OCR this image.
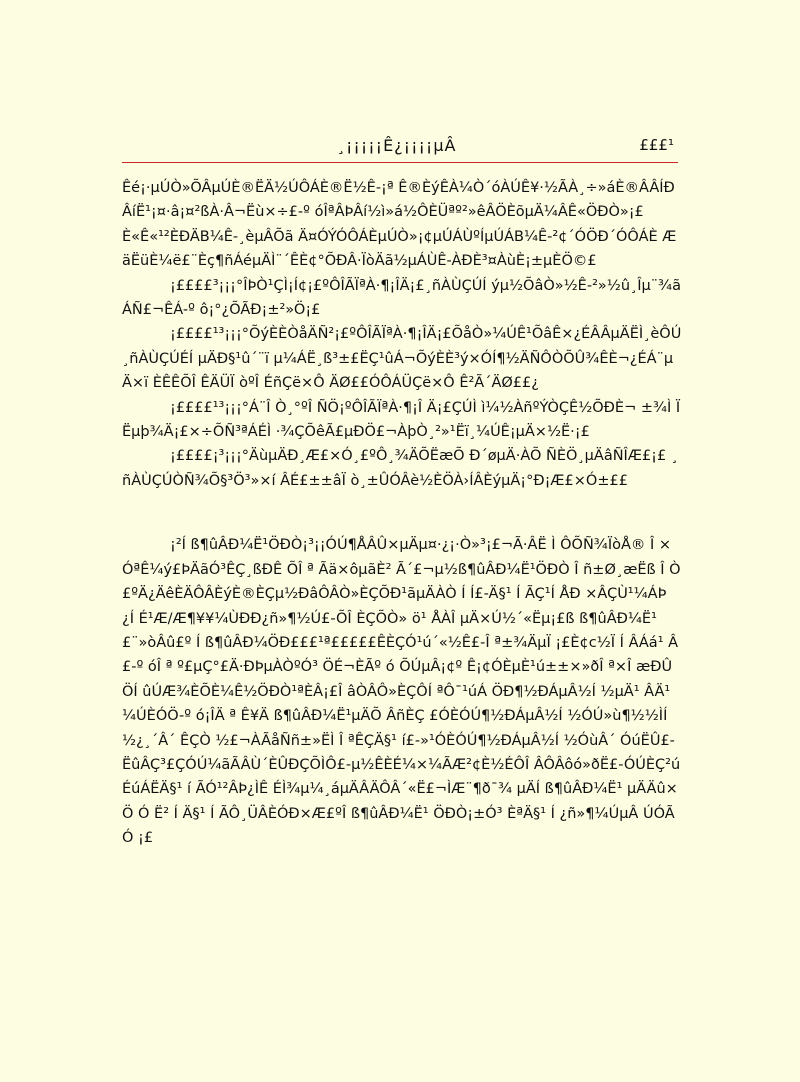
¸¡¡¡¡¡Ê¿¡¡¡¡µÂ	£££¹

Êé¡·µÚÒ»ÕÂµÚÈ®ËÄ½ÚÔÁÈ®Ë½Ê-¡ª Ê®ÈýÊÀ¼Ò´óÀÚÊ¥·½ÃÀ¸÷»áÈ®ÂÂÍÐ ÂíË¹¡¤·â¡¤²ßÀ·Â¬Ëù×÷£-º óÎªÂÞÂí½ì»á½ÔÈÜªº²»êÂÖÈõµÄ¼ÂÊ«ÖÐÒ»¡£ È«Ê«¹²ÈÐÄB¼Ê-¸èµÂÕã Ä¤ÓÝÓÔÁÈµÚÒ»¡¢µÚÁÙºÍµÚÁB¼Ê-²¢´ÓÖÐ´ÓÔÁÈ ÆäËüÈ¼ë£¨Èç¶ñÁéµÄÌ¨´ÊÈ¢°ÕÐÂ·ÏòÄã½µÁÙÊ-ÀÐÈ³¤ÀùÈ¡±µÈÖ©£

¡££££³¡¡¡°ÎÞÒ¹ÇÌ¡Í¢¡£ºÔÎÃÏªÀ·¶¡ÎÄ¡£¸ñÀÙÇÚÍ ýµ½ÕâÒ»½Ê-²»½û¸Îµ¨¾ãÁÑ£¬ÊÁ-º ô¡°¿ÕÃÐ¡±²»Ö¡£

¡££££¹³¡¡¡°ÕýÈÈÒåÄÑ²¡£ºÔÎÃÏªÀ·¶¡ÎÄ¡£ÕåÒ»¼ÚÊ¹ÕâÊ×¿ÉÂÂµÄËÌ¸èÔÚ¸ñÀÙÇÚÉÍ µÄÐ§¹û´¨ï µ¼ÁË¸ß³±£ËÇ¹ûÁ¬ÕýÈÈ³ý×ÓÍ¶½ÄÑÔÒÕÛ¾ÊÈ¬¿ÉÁ¨µÄ×ï ÈÊÊÕÎ ÊÄÜÏ òºÎ ÉñÇë×Ô ÄØ££ÓÔÁÜÇë×Ô Ê²Ã´ÄØ££¿

¡££££¹³¡¡¡°Á¨Î Ò¸°ºÎ ÑÖ¡ºÔÎÃÏªÀ·¶¡Î Ä¡£ÇÚÌ ì¼½ÀñºÝÒÇÊ½ÕÐÈ¬ ±¾Ì Ï Ëµþ¾Ä¡£×÷ÕÑ³ªÁÉÌ ·¾ÇÕêÃ£µÐÖ£¬ÀþÒ¸²»¹Ëï¸¼ÚÊ¡µÄ×½Ë·¡£

¡££££¡³¡¡¡°ÄùµÄÐ¸Æ£×Ó¸£ºÔ¸¾ÄÕËæÕ Ð´øµÄ·ÀÕ ÑÈÖ¸µÄâÑÎÆ£¡£ ¸ñÀÙÇÚÒÑ¾Õ§³Ö³»×í ÂÉ£±±âÏ ò¸±ÛÓÂè½ÈÖÀ›ÍÂÈýµÄ¡°Ð¡Æ£×Ó±££

¡²Í ß¶ûÂÐ¼Ë¹ÖÐÒ¡³¡¡ÓÚ¶ÅÂÛ×µÄµ¤·¿¡·Ò»³¡£¬Ã·ÂË Ì ÔÕÑ¾ÏòÅ® Î ×ÓªÊ¼ý£ÞÄãÓ³ÊÇ¸ßÐÊ ÕÎ ª Ãä×ôµãÈ² Ã´£¬µ½ß¶ûÂÐ¼Ë¹ÖÐÒ Î ñ±Ø¸æËß Î Ò£ºÄ¿ÄêÈÄÔÂÈýÈ®ÈÇµ½ÐâÔÂÒ»ÈÇÕÐ¹ãµÄÀÒ Í Í£-Ä§¹ Í ÃÇ¹Í ÅÐ ×ÂÇÙ¹¼ÁÞ ¿Í É¹Æ/Æ¶¥¥¼ÙÐÐ¿ñ»¶½Ú£-ÕÎ ÈÇÕÒ» ö¹ ÅÀÎ µÄ×Ú½´«Ëµ¡£ß ß¶ûÂÐ¼Ë¹£¨»òÂû£º Í ß¶ûÂÐ¼ÖÐ£££¹ª£££££ÊÈÇÓ¹ú´«½Ê£-Î ª±¾ÄµÏ ¡£È¢c½Ï Í ÂÁá¹ Â£-º óÎ ª º£µÇ°£Ä·ÐÞµÀÒºÓ³ ÖÉ¬ÈÃº ó ÕÚµÂ¡¢º Ê¡¢ÓÈµÈ¹ú±±×»ðÎ ª×Î æÐÛÖÍ ûÚÆ¾ÈÕÈ¼Ê½ÖÐÒ¹ªÈÂ¡£Î âÒÂÔ»ÈÇÔÍ ªÔ¯¹úÁ ÖÐ¶½ÐÁµÂ½Í ½µÄ¹ ÂÄ¹ ¼ÚÈÓÖ-º ó¡ÎÄ ª Ê¥Ä ß¶ûÂÐ¼Ë¹µÄÕ ÂñÈÇ £ÓÈÓÚ¶½ÐÁµÂ½Í ½ÓÚ»ù¶½½ÌÍ ½¿¸´Â´ ÊÇÒ ½£¬ÀÃåÑñ±»ËÌ Î ªÊÇÄ§¹ í£-»¹ÓÈÓÚ¶½ÐÁµÂ½Í ½ÓùÂ´ ÓúËÛ£-ËûÂÇ³£ÇÓÚ¼ãÃÂÙ´ÈÛÐÇÕÌÔ£-µ½ÊÈÉ¼×¼ÃÆ²¢È½ÉÔÎ ÂÔÂôó»ðË£-ÓÚÈÇ²úÉúÁËÄ§¹ í ÃÓ¹²ÂÞ¿ÌÊ ÉÌ¾µ¼¸áµÄÂÄÔÂ´«Ë£¬ÌÆ¨¶ð¯¾ µÄÍ ß¶ûÂÐ¼Ë¹ µÄÄû×Ö Ó Ë² Í Ä§¹ Í ÃÔ¸ÜÂÈÓÐ×Æ£ºÎ ß¶ûÂÐ¼Ë¹ ÖÐÒ¡±Ó³ ÈªÄ§¹ Í ¿ñ»¶¼ÚµÂ ÚÓÃÓ ¡£
